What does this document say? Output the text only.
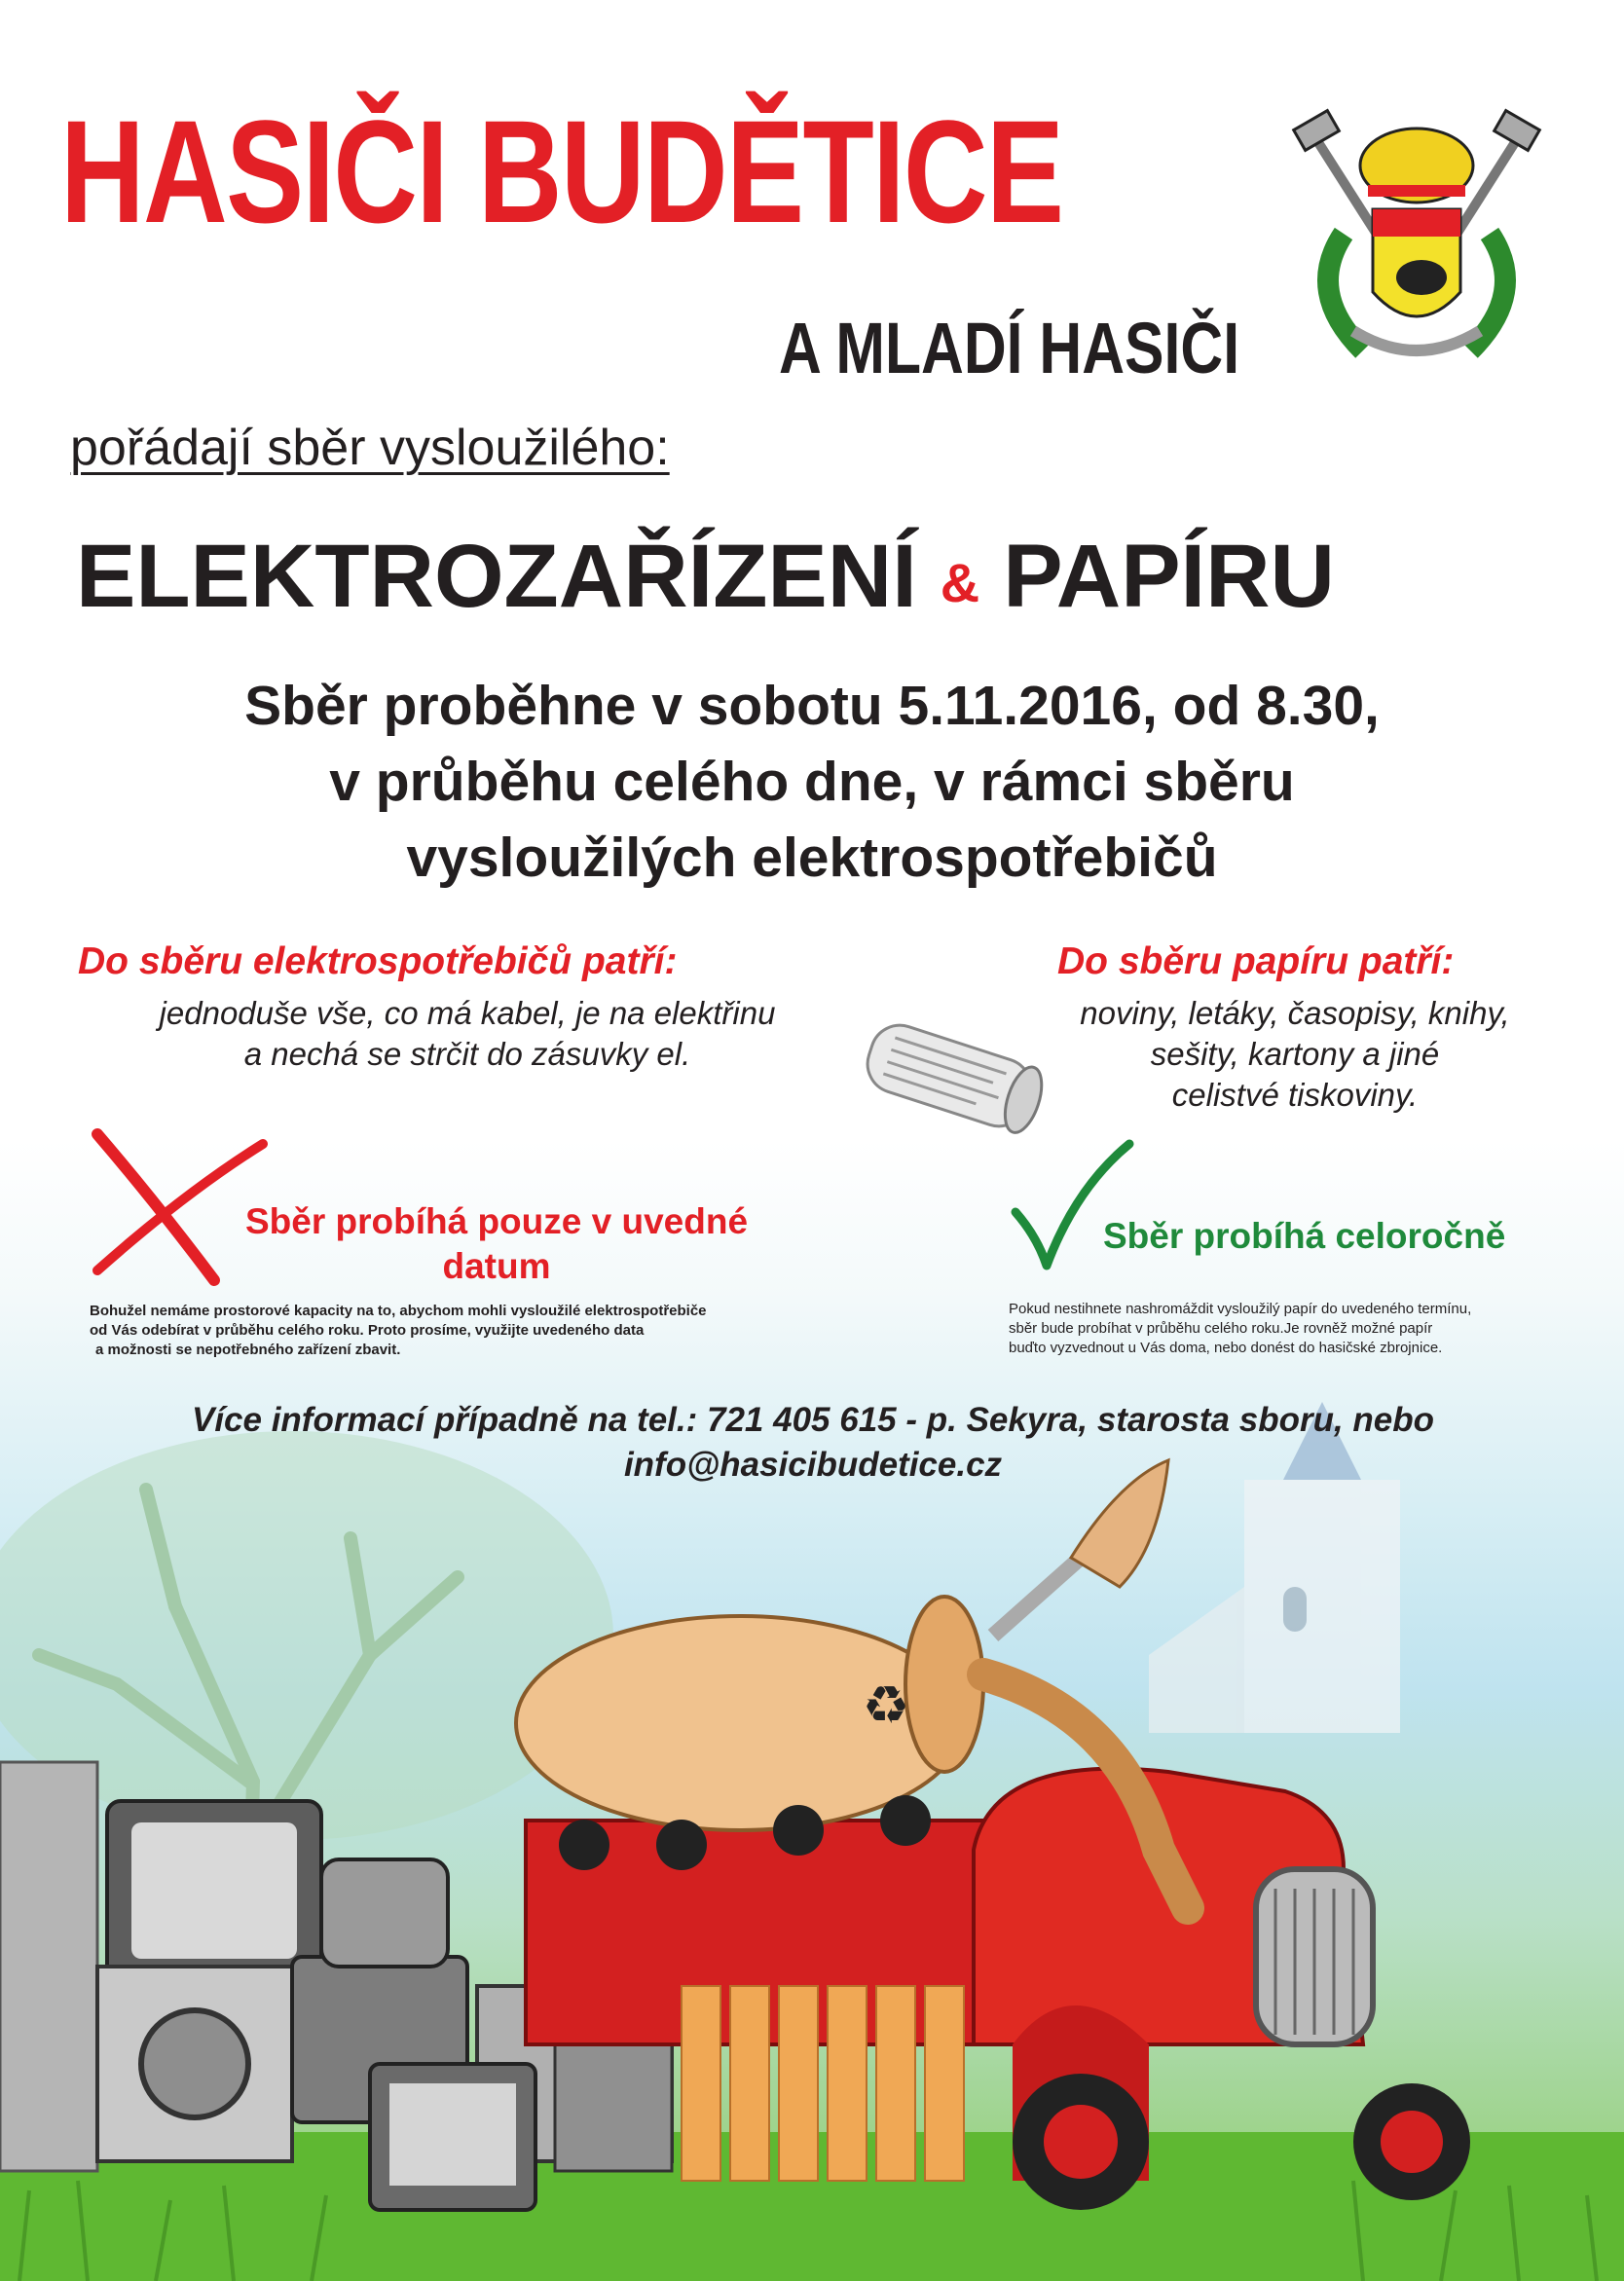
HASIČI BUDĚTICE
A MLADÍ HASIČI
pořádají sběr vysloužilého:
ELEKTROZAŘÍZENÍ & PAPÍRU
Sběr proběhne v sobotu 5.11.2016, od 8.30,
v průběhu celého dne, v rámci sběru
vysloužilých elektrospotřebičů
Do sběru elektrospotřebičů patří:
jednoduše vše, co má kabel, je na elektřinu
a nechá se strčit do zásuvky el.
Do sběru papíru patří:
noviny, letáky, časopisy, knihy,
sešity, kartony a jiné
celistvé tiskoviny.
Sběr probíhá pouze v uvedné
datum
Bohužel nemáme prostorové kapacity na to, abychom mohli vysloužilé elektrospotřebiče
od Vás odebírat v průběhu celého roku. Proto prosíme, využijte uvedeného data
a možnosti se nepotřebného zařízení zbavit.
Sběr probíhá celoročně
Pokud nestihnete nashromáždit vysloužilý papír do uvedeného termínu,
sběr bude probíhat v průběhu celého roku.Je rovněž možné papír
buďto vyzvednout u Vás doma, nebo donést do hasičské zbrojnice.
Více informací případně na tel.: 721 405 615 - p. Sekyra, starosta sboru, nebo
info@hasicibudetice.cz
♻
